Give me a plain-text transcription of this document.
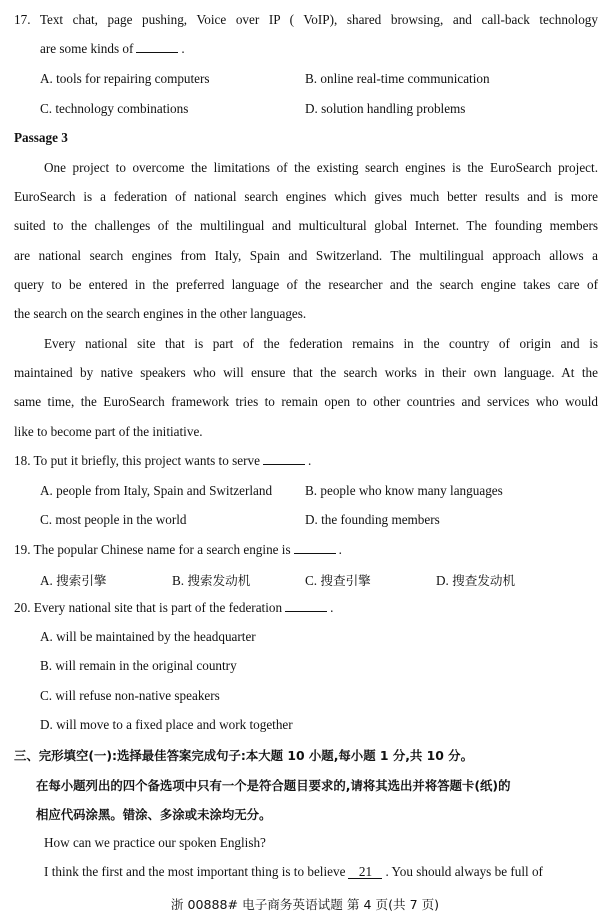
17. Text chat, page pushing, Voice over IP ( VoIP), shared browsing, and call-back technology
are some kinds of	.
A. tools for repairing computers	B. online real-time communication
C. technology combinations	D. solution handling problems
Passage 3
One project to overcome the limitations of the existing search engines is the EuroSearch project.
EuroSearch is a federation of national search engines which gives much better results and is more
suited to the challenges of the multilingual and multicultural global Internet. The founding members
are national search engines from Italy, Spain and Switzerland. The multilingual approach allows a
query to be entered in the preferred language of the researcher and the search engine takes care of
the search on the search engines in the other languages.
Every national site that is part of the federation remains in the country of origin and is
maintained by native speakers who will ensure that the search works in their own language. At the
same time, the EuroSearch framework tries to remain open to other countries and services who would
like to become part of the initiative.
18. To put it briefly, this project wants to serve	.
A. people from Italy, Spain and Switzerland B. people who know many languages
C. most people in the world	D. the founding members
19. The popular Chinese name for a search engine is	.
A. 搜索引擎	B. 搜索发动机	C. 搜查引擎	D. 搜查发动机
20. Every national site that is part of the federation	.
A. will be maintained by the headquarter
B. will remain in the original country
C. will refuse non-native speakers
D. will move to a fixed place and work together
三、完形填空(一):选择最佳答案完成句子:本大题 10 小题,每小题 1 分,共 10 分。
在每小题列出的四个备选项中只有一个是符合题目要求的,请将其选出并将答题卡(纸)的
相应代码涂黑。错涂、多涂或未涂均无分。
How can we practice our spoken English?
I think the first and the most important thing is to believe 21 . You should always be full of
浙 00888# 电子商务英语试题 第 4 页(共 7 页)
